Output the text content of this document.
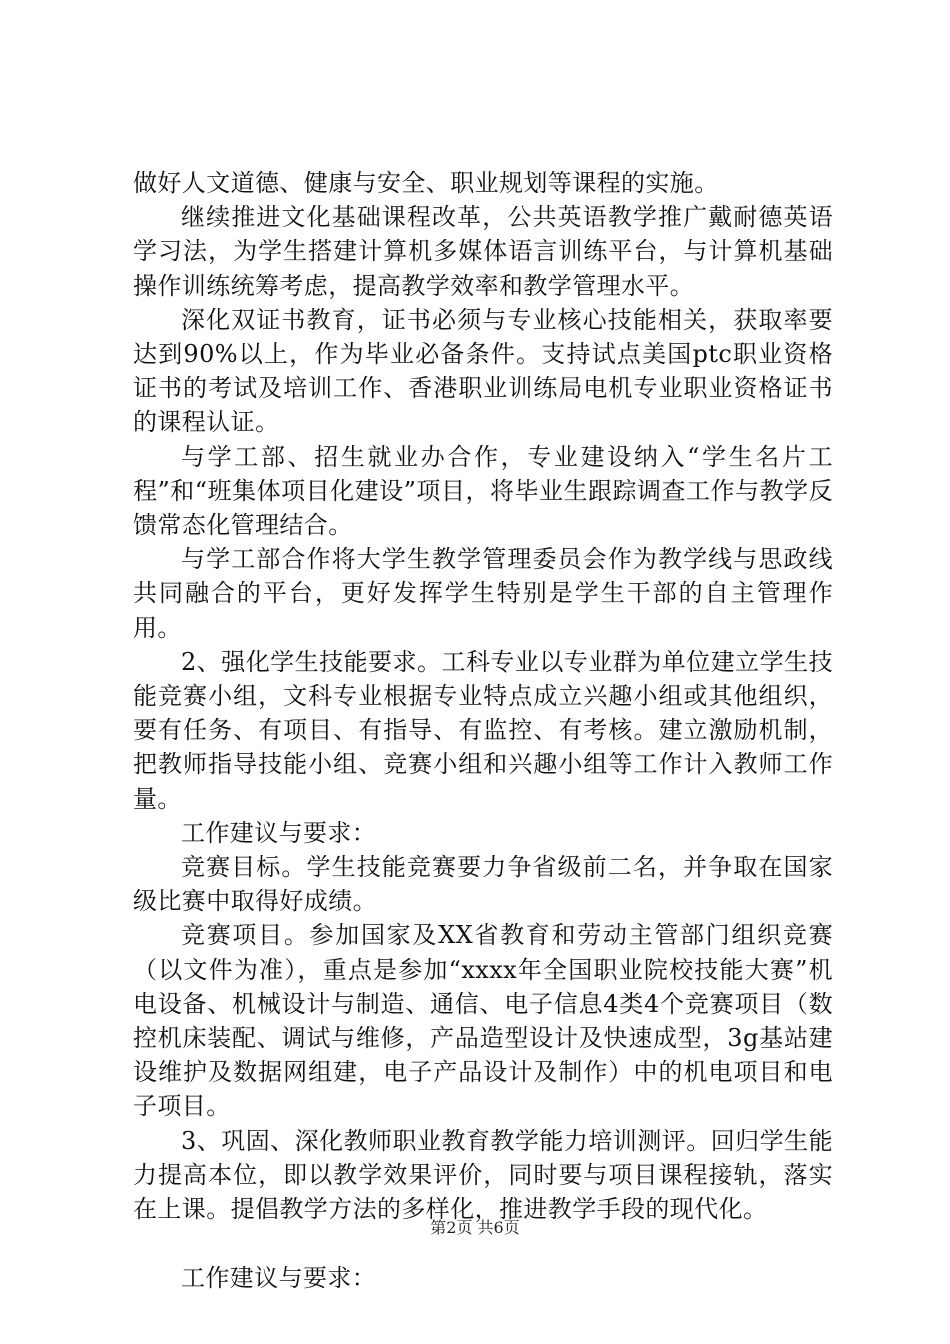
做好人文道德、健康与安全、职业规划等课程的实施。

继续推进文化基础课程改革，公共英语教学推广戴耐德英语学习法，为学生搭建计算机多媒体语言训练平台，与计算机基础操作训练统筹考虑，提高教学效率和教学管理水平。

深化双证书教育，证书必须与专业核心技能相关，获取率要达到90%以上，作为毕业必备条件。支持试点美国ptc职业资格证书的考试及培训工作、香港职业训练局电机专业职业资格证书的课程认证。

与学工部、招生就业办合作，专业建设纳入“学生名片工程”和“班集体项目化建设”项目，将毕业生跟踪调查工作与教学反馈常态化管理结合。

与学工部合作将大学生教学管理委员会作为教学线与思政线共同融合的平台，更好发挥学生特别是学生干部的自主管理作用。

2、强化学生技能要求。工科专业以专业群为单位建立学生技能竞赛小组，文科专业根据专业特点成立兴趣小组或其他组织，要有任务、有项目、有指导、有监控、有考核。建立激励机制，把教师指导技能小组、竞赛小组和兴趣小组等工作计入教师工作量。

工作建议与要求：

竞赛目标。学生技能竞赛要力争省级前二名，并争取在国家级比赛中取得好成绩。

竞赛项目。参加国家及XX省教育和劳动主管部门组织竞赛（以文件为准），重点是参加“xxxx年全国职业院校技能大赛”机电设备、机械设计与制造、通信、电子信息4类4个竞赛项目（数控机床装配、调试与维修，产品造型设计及快速成型，3g基站建设维护及数据网组建，电子产品设计及制作）中的机电项目和电子项目。

3、巩固、深化教师职业教育教学能力培训测评。回归学生能力提高本位，即以教学效果评价，同时要与项目课程接轨，落实在上课。提倡教学方法的多样化，推进教学手段的现代化。

工作建议与要求：

第2页 共6页
